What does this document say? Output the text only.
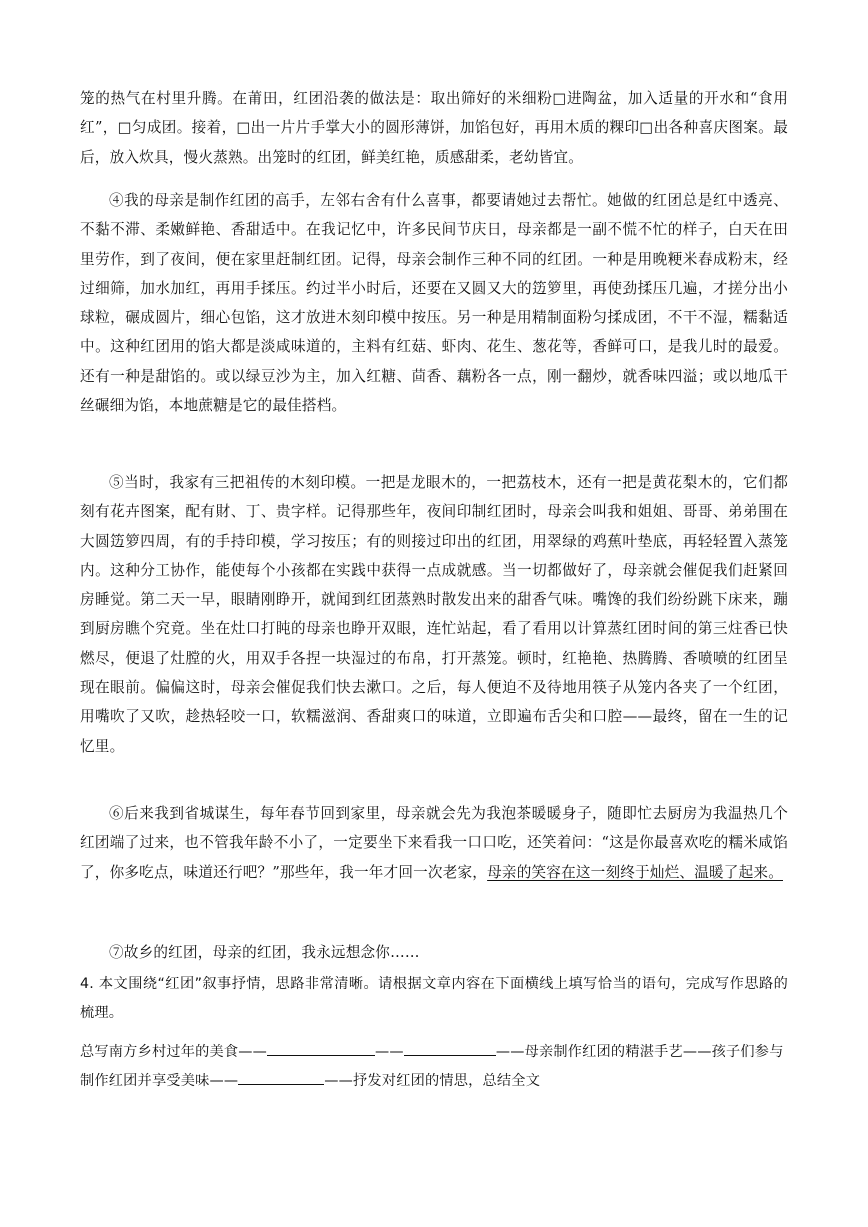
笼的热气在村里升腾。在莆田，红团沿袭的做法是：取出筛好的米细粉□进陶盆，加入适量的开水和“食用红”，□匀成团。接着，□出一片片手掌大小的圆形薄饼，加馅包好，再用木质的粿印□出各种喜庆图案。最后，放入炊具，慢火蒸熟。出笼时的红团，鲜美红艳，质感甜柔，老幼皆宜。

④我的母亲是制作红团的高手，左邻右舍有什么喜事，都要请她过去帮忙。她做的红团总是红中透亮、不黏不滞、柔嫩鲜艳、香甜适中。在我记忆中，许多民间节庆日，母亲都是一副不慌不忙的样子，白天在田里劳作，到了夜间，便在家里赶制红团。记得，母亲会制作三种不同的红团。一种是用晚粳米舂成粉末，经过细筛，加水加红，再用手揉压。约过半小时后，还要在又圆又大的笾箩里，再使劲揉压几遍，才搓分出小球粒，碾成圆片，细心包馅，这才放进木刻印模中按压。另一种是用精制面粉匀揉成团，不干不湿，糯黏适中。这种红团用的馅大都是淡咸味道的，主料有红菇、虾肉、花生、葱花等，香鲜可口，是我儿时的最爱。还有一种是甜馅的。或以绿豆沙为主，加入红糖、茴香、藕粉各一点，刚一翻炒，就香味四溢；或以地瓜干丝碾细为馅，本地蔗糖是它的最佳搭档。

⑤当时，我家有三把祖传的木刻印模。一把是龙眼木的，一把荔枝木，还有一把是黄花梨木的，它们都刻有花卉图案，配有財、丁、贵字样。记得那些年，夜间印制红团时，母亲会叫我和姐姐、哥哥、弟弟围在大圆笾箩四周，有的手持印模，学习按压；有的则接过印出的红团，用翠绿的鸡蕉叶垫底，再轻轻置入蒸笼内。这种分工协作，能使每个小孩都在实践中获得一点成就感。当一切都做好了，母亲就会催促我们赶紧回房睡觉。第二天一早，眼睛刚睁开，就闻到红团蒸熟时散发出来的甜香气味。嘴馋的我们纷纷跳下床来，蹦到厨房瞧个究竟。坐在灶口打盹的母亲也睁开双眼，连忙站起，看了看用以计算蒸红团时间的第三炷香已快燃尽，便退了灶膛的火，用双手各捏一块湿过的布帛，打开蒸笼。顿时，红艳艳、热腾腾、香喷喷的红团呈现在眼前。偏偏这时，母亲会催促我们快去漱口。之后，每人便迫不及待地用筷子从笼内各夹了一个红团，用嘴吹了又吹，趁热轻咬一口，软糯滋润、香甜爽口的味道，立即遍布舌尖和口腔——最终，留在一生的记忆里。

⑥后来我到省城谋生，每年春节回到家里，母亲就会先为我泡茶暖暖身子，随即忙去厨房为我温热几个红团端了过来，也不管我年龄不小了，一定要坐下来看我一口口吃，还笑着问：“这是你最喜欢吃的糯米咸馅了，你多吃点，味道还行吧？”那些年，我一年才回一次老家，母亲的笑容在这一刻终于灿烂、温暖了起来。

⑦故乡的红团，母亲的红团，我永远想念你……

4. 本文围绕“红团”叙事抒情，思路非常清晰。请根据文章内容在下面横线上填写恰当的语句，完成写作思路的梳理。

总写南方乡村过年的美食——	——	——母亲制作红团的精湛手艺——孩子们参与制作红团并享受美味——	——抒发对红团的情思，总结全文
